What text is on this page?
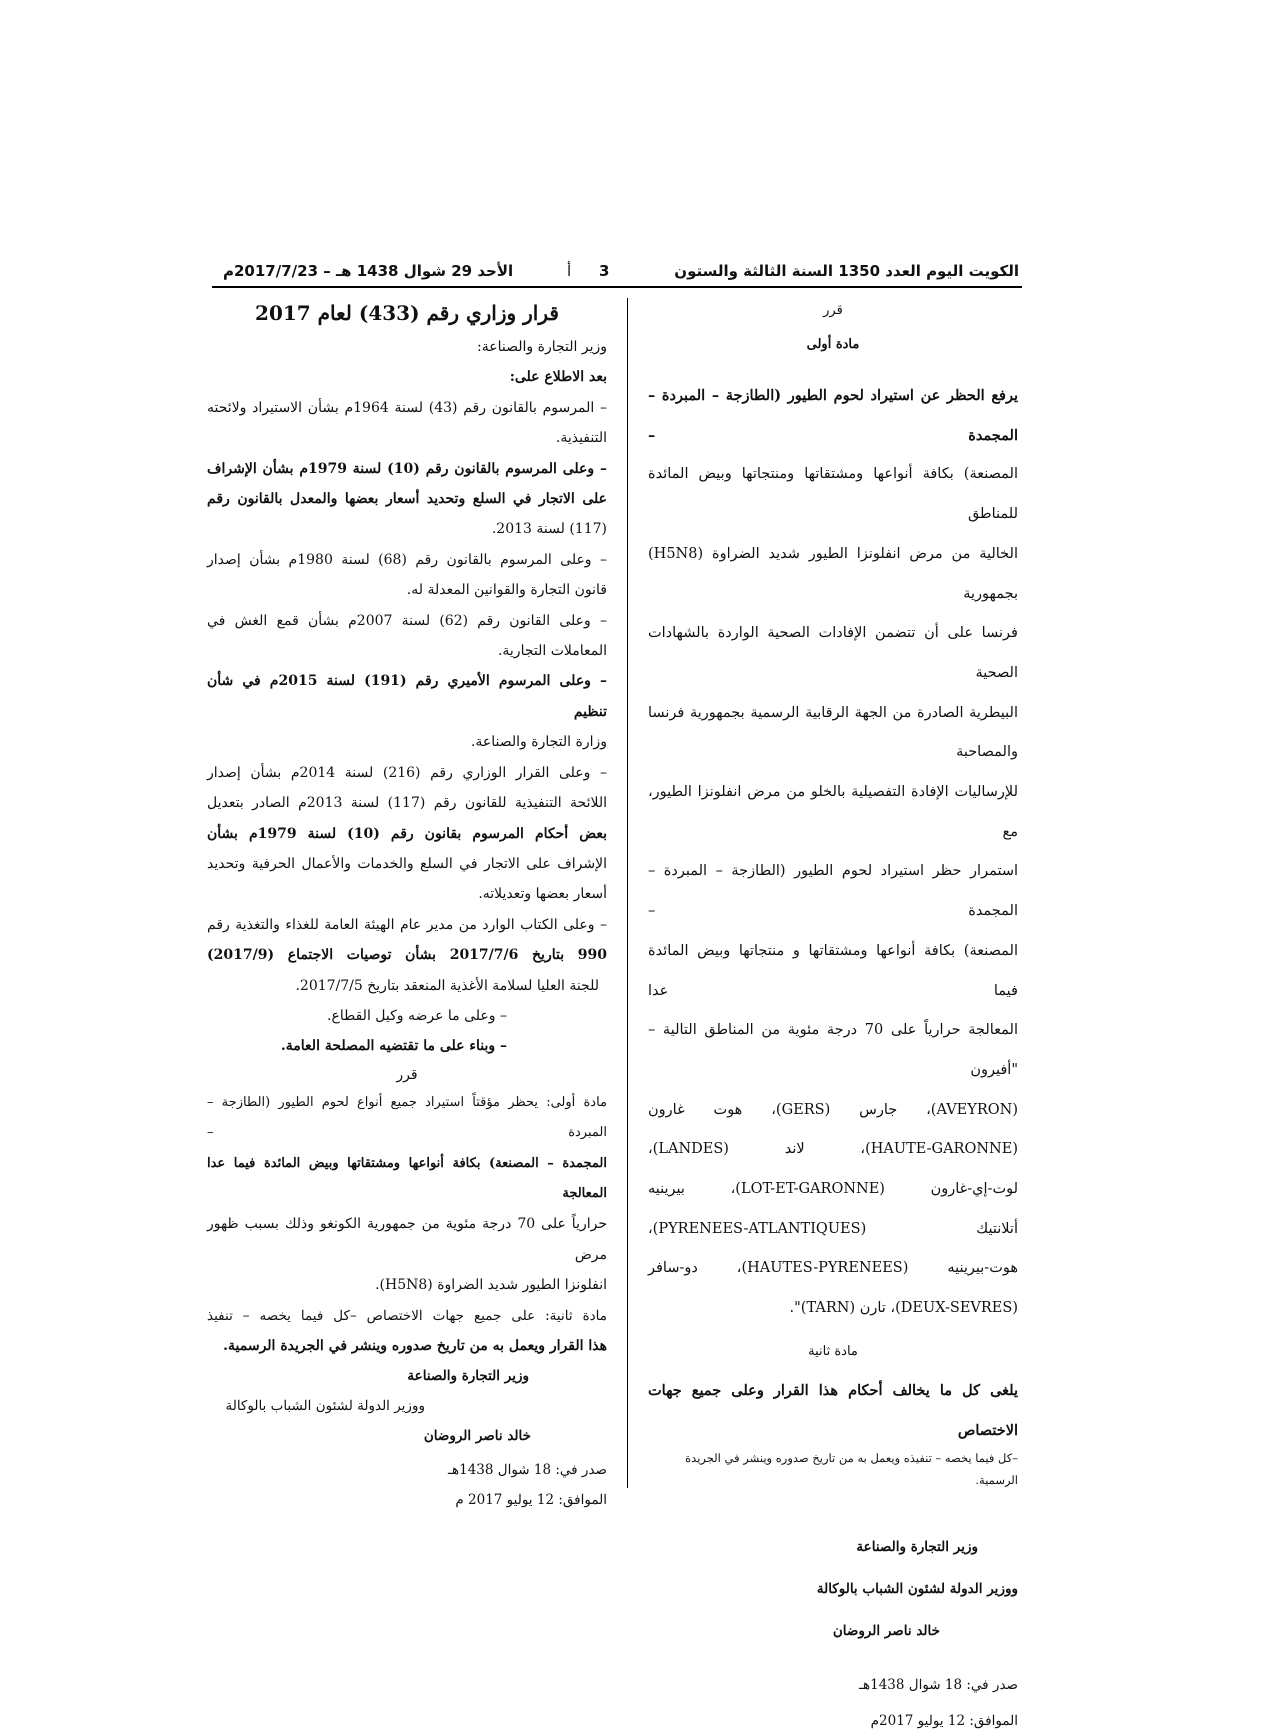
الكويت اليوم العدد 1350 السنة الثالثة والستون
3
أ
الأحد 29 شوال 1438 هـ – 2017/7/23م

قرر

مادة أولى

يرفع الحظر عن استيراد لحوم الطيور (الطازجة – المبردة – المجمدة –

المصنعة) بكافة أنواعها ومشتقاتها ومنتجاتها وبيض المائدة للمناطق

الخالية من مرض انفلونزا الطيور شديد الضراوة (H5N8) بجمهورية

فرنسا على أن تتضمن الإفادات الصحية الواردة بالشهادات الصحية

البيطرية الصادرة من الجهة الرقابية الرسمية بجمهورية فرنسا والمصاحبة

للإرساليات الإفادة التفصيلية بالخلو من مرض انفلونزا الطيور، مع

استمرار حظر استيراد لحوم الطيور (الطازجة – المبردة – المجمدة –

المصنعة) بكافة أنواعها ومشتقاتها و منتجاتها وبيض المائدة فيما عدا

المعالجة حرارياً على 70 درجة مئوية من المناطق التالية – "أفيرون

(AVEYRON)، جارس (GERS)، هوت غارون

(HAUTE-GARONNE)، لاند (LANDES)،

لوت-إي-غارون (LOT-ET-GARONNE)، بيرينيه

أتلانتيك (PYRENEES-ATLANTIQUES)،

هوت-بيرينيه (HAUTES-PYRENEES)، دو-سافر

(DEUX-SEVRES)، تارن (TARN)".

مادة ثانية

يلغى كل ما يخالف أحكام هذا القرار وعلى جميع جهات الاختصاص

–كل فيما يخصه – تنفيذه ويعمل به من تاريخ صدوره وينشر في الجريدة الرسمية.

وزير التجارة والصناعة

ووزير الدولة لشئون الشباب بالوكالة

خالد ناصر الروضان

صدر في: 18 شوال 1438هـ

الموافق: 12 يوليو 2017م

قرار وزاري رقم (433) لعام 2017

وزير التجارة والصناعة:

بعد الاطلاع على:

– المرسوم بالقانون رقم (43) لسنة 1964م بشأن الاستيراد ولائحته

التنفيذية.

– وعلى المرسوم بالقانون رقم (10) لسنة 1979م بشأن الإشراف

على الاتجار في السلع وتحديد أسعار بعضها والمعدل بالقانون رقم

(117) لسنة 2013.

– وعلى المرسوم بالقانون رقم (68) لسنة 1980م بشأن إصدار

قانون التجارة والقوانين المعدلة له.

– وعلى القانون رقم (62) لسنة 2007م بشأن قمع الغش في

المعاملات التجارية.

– وعلى المرسوم الأميري رقم (191) لسنة 2015م في شأن تنظيم

وزارة التجارة والصناعة.

– وعلى القرار الوزاري رقم (216) لسنة 2014م بشأن إصدار

اللائحة التنفيذية للقانون رقم (117) لسنة 2013م الصادر بتعديل

بعض أحكام المرسوم بقانون رقم (10) لسنة 1979م بشأن

الإشراف على الاتجار في السلع والخدمات والأعمال الحرفية وتحديد

أسعار بعضها وتعديلاته.

– وعلى الكتاب الوارد من مدير عام الهيئة العامة للغذاء والتغذية رقم

990 بتاريخ 2017/7/6 بشأن توصيات الاجتماع (2017/9)

للجنة العليا لسلامة الأغذية المنعقد بتاريخ 2017/7/5.

– وعلى ما عرضه وكيل القطاع.

– وبناء على ما تقتضيه المصلحة العامة.

قرر

مادة أولى: يحظر مؤقتاً استيراد جميع أنواع لحوم الطيور (الطازجة – المبردة –

المجمدة – المصنعة) بكافة أنواعها ومشتقاتها وبيض المائدة فيما عدا المعالجة

حرارياً على 70 درجة مئوية من جمهورية الكونغو وذلك بسبب ظهور مرض

انفلونزا الطيور شديد الضراوة (H5N8).

مادة ثانية: على جميع جهات الاختصاص –كل فيما يخصه – تنفيذ

هذا القرار ويعمل به من تاريخ صدوره وينشر في الجريدة الرسمية.

وزير التجارة والصناعة

ووزير الدولة لشئون الشباب بالوكالة

خالد ناصر الروضان

صدر في: 18 شوال 1438هـ

الموافق: 12 يوليو 2017 م
